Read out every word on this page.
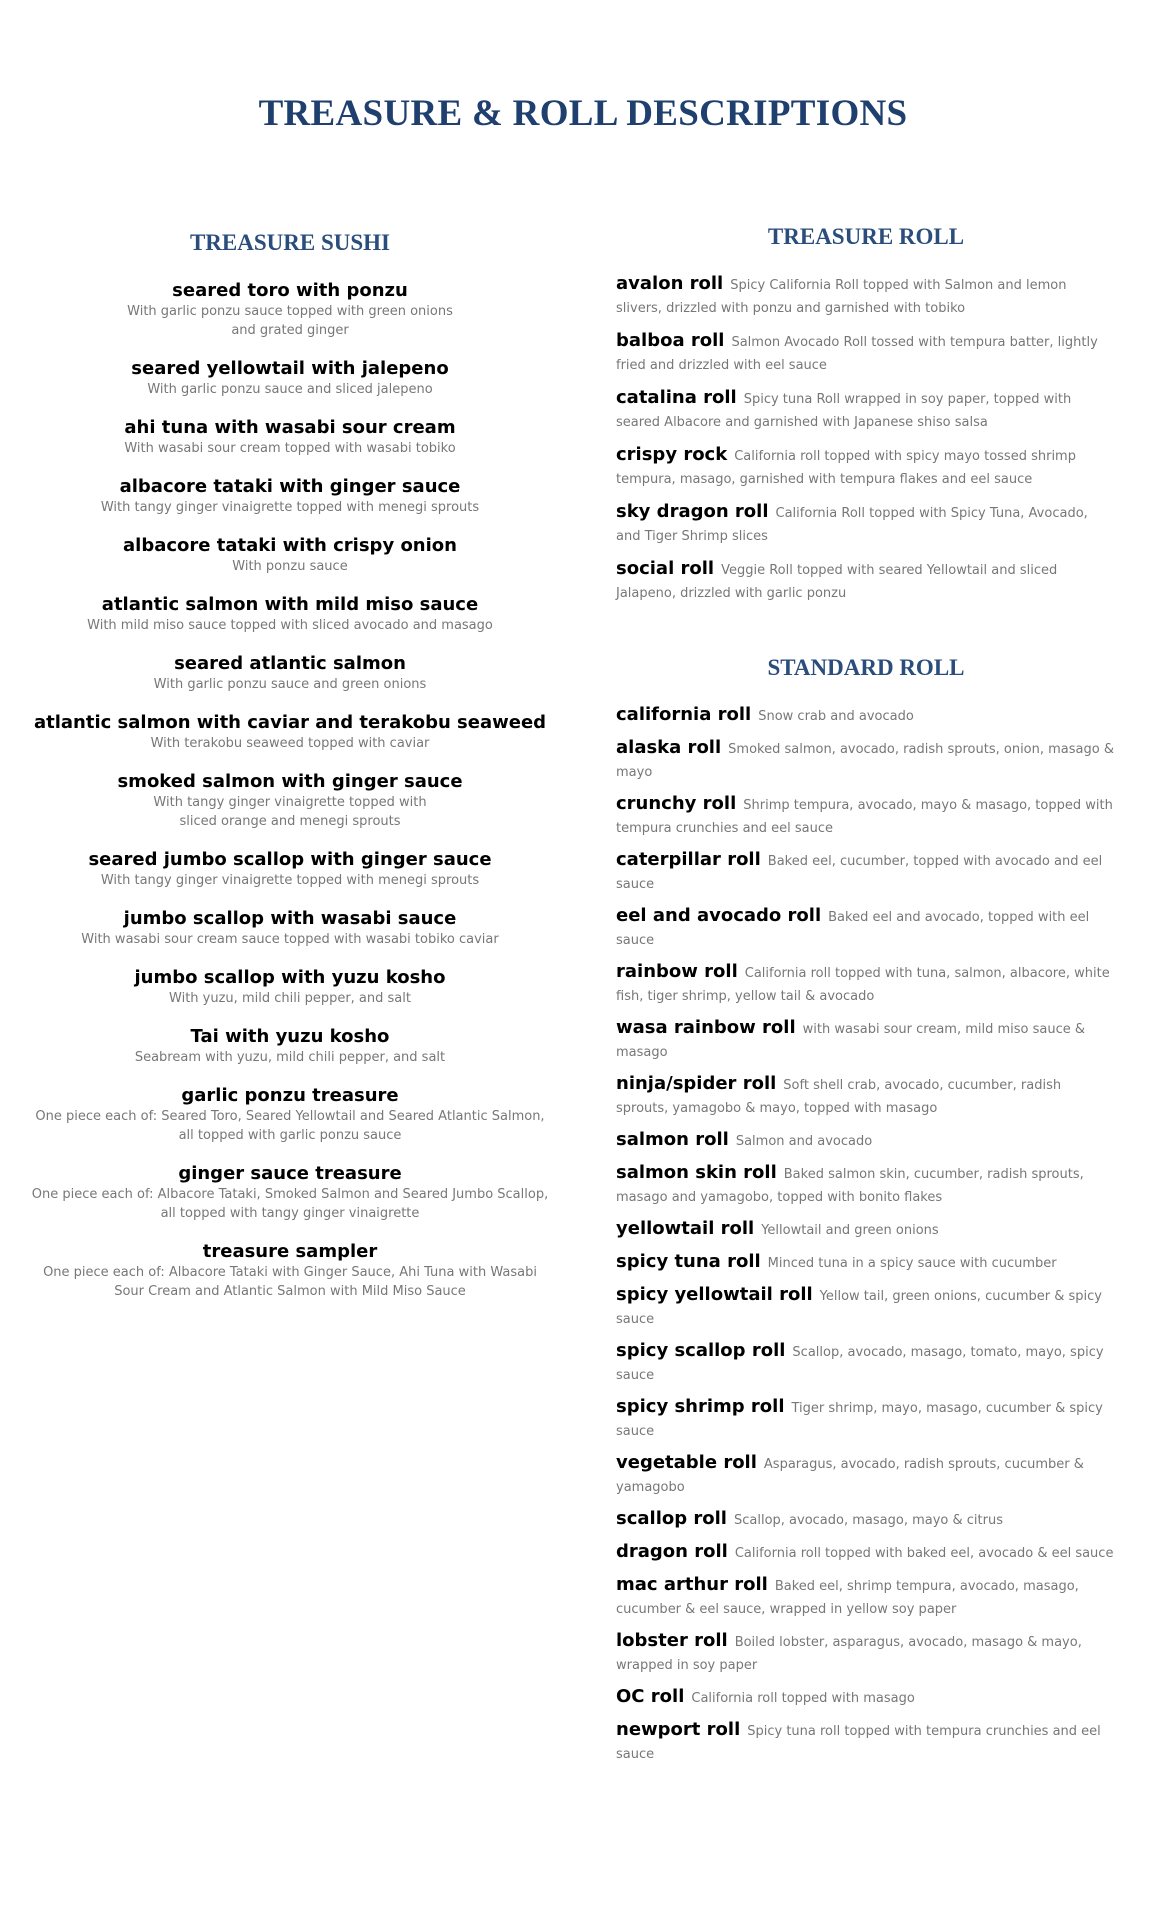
TREASURE & ROLL DESCRIPTIONS
TREASURE SUSHI
seared toro with ponzu
With garlic ponzu sauce topped with green onions
and grated ginger
seared yellowtail with jalepeno
With garlic ponzu sauce and sliced jalepeno
ahi tuna with wasabi sour cream
With wasabi sour cream topped with wasabi tobiko
albacore tataki with ginger sauce
With tangy ginger vinaigrette topped with menegi sprouts
albacore tataki with crispy onion
With ponzu sauce
atlantic salmon with mild miso sauce
With mild miso sauce topped with sliced avocado and masago
seared atlantic salmon
With garlic ponzu sauce and green onions
atlantic salmon with caviar and terakobu seaweed
With terakobu seaweed topped with caviar
smoked salmon with ginger sauce
With tangy ginger vinaigrette topped with
sliced orange and menegi sprouts
seared jumbo scallop with ginger sauce
With tangy ginger vinaigrette topped with menegi sprouts
jumbo scallop with wasabi sauce
With wasabi sour cream sauce topped with wasabi tobiko caviar
jumbo scallop with yuzu kosho
With yuzu, mild chili pepper, and salt
Tai with yuzu kosho
Seabream with yuzu, mild chili pepper, and salt
garlic ponzu treasure
One piece each of: Seared Toro, Seared Yellowtail and Seared Atlantic Salmon,
all topped with garlic ponzu sauce
ginger sauce treasure
One piece each of: Albacore Tataki, Smoked Salmon and Seared Jumbo Scallop,
all topped with tangy ginger vinaigrette
treasure sampler
One piece each of: Albacore Tataki with Ginger Sauce, Ahi Tuna with Wasabi
Sour Cream and Atlantic Salmon with Mild Miso Sauce
TREASURE ROLL
avalon roll Spicy California Roll topped with Salmon and lemon slivers, drizzled with ponzu and garnished with tobiko
balboa roll Salmon Avocado Roll tossed with tempura batter, lightly fried and drizzled with eel sauce
catalina roll Spicy tuna Roll wrapped in soy paper, topped with seared Albacore and garnished with Japanese shiso salsa
crispy rock California roll topped with spicy mayo tossed shrimp tempura, masago, garnished with tempura flakes and eel sauce
sky dragon roll California Roll topped with Spicy Tuna, Avocado, and Tiger Shrimp slices
social roll Veggie Roll topped with seared Yellowtail and sliced Jalapeno, drizzled with garlic ponzu
STANDARD ROLL
california roll Snow crab and avocado
alaska roll Smoked salmon, avocado, radish sprouts, onion, masago & mayo
crunchy roll Shrimp tempura, avocado, mayo & masago, topped with tempura crunchies and eel sauce
caterpillar roll Baked eel, cucumber, topped with avocado and eel sauce
eel and avocado roll Baked eel and avocado, topped with eel sauce
rainbow roll California roll topped with tuna, salmon, albacore, white fish, tiger shrimp, yellow tail & avocado
wasa rainbow roll with wasabi sour cream, mild miso sauce & masago
ninja/spider roll Soft shell crab, avocado, cucumber, radish sprouts, yamagobo & mayo, topped with masago
salmon roll Salmon and avocado
salmon skin roll Baked salmon skin, cucumber, radish sprouts, masago and yamagobo, topped with bonito flakes
yellowtail roll Yellowtail and green onions
spicy tuna roll Minced tuna in a spicy sauce with cucumber
spicy yellowtail roll Yellow tail, green onions, cucumber & spicy sauce
spicy scallop roll Scallop, avocado, masago, tomato, mayo, spicy sauce
spicy shrimp roll Tiger shrimp, mayo, masago, cucumber & spicy sauce
vegetable roll Asparagus, avocado, radish sprouts, cucumber & yamagobo
scallop roll Scallop, avocado, masago, mayo & citrus
dragon roll California roll topped with baked eel, avocado & eel sauce
mac arthur roll Baked eel, shrimp tempura, avocado, masago, cucumber & eel sauce, wrapped in yellow soy paper
lobster roll Boiled lobster, asparagus, avocado, masago & mayo, wrapped in soy paper
OC roll California roll topped with masago
newport roll Spicy tuna roll topped with tempura crunchies and eel sauce
